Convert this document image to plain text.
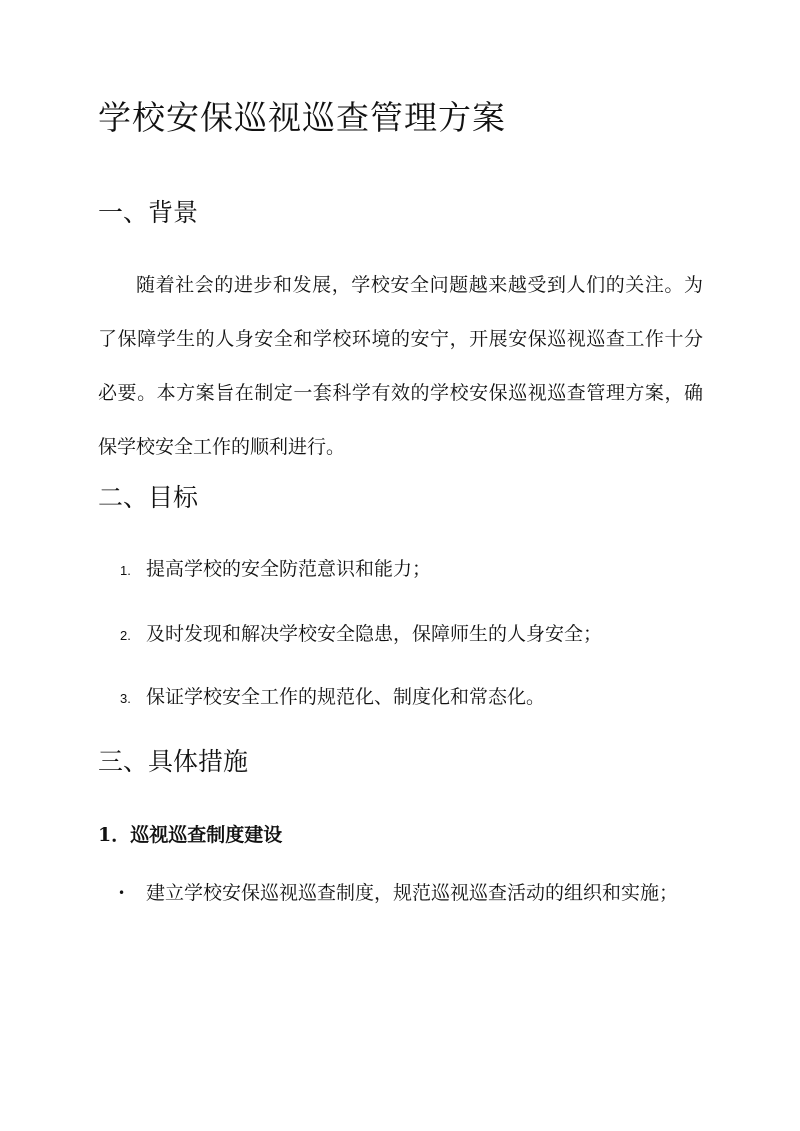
学校安保巡视巡查管理方案
一、背景

随着社会的进步和发展，学校安全问题越来越受到人们的关注。为了保障学生的人身安全和学校环境的安宁，开展安保巡视巡查工作十分必要。本方案旨在制定一套科学有效的学校安保巡视巡查管理方案，确保学校安全工作的顺利进行。

二、目标
1. 提高学校的安全防范意识和能力；
2. 及时发现和解决学校安全隐患，保障师生的人身安全；
3. 保证学校安全工作的规范化、制度化和常态化。
三、具体措施
1．巡视巡查制度建设
•	建立学校安保巡视巡查制度，规范巡视巡查活动的组织和实施；
